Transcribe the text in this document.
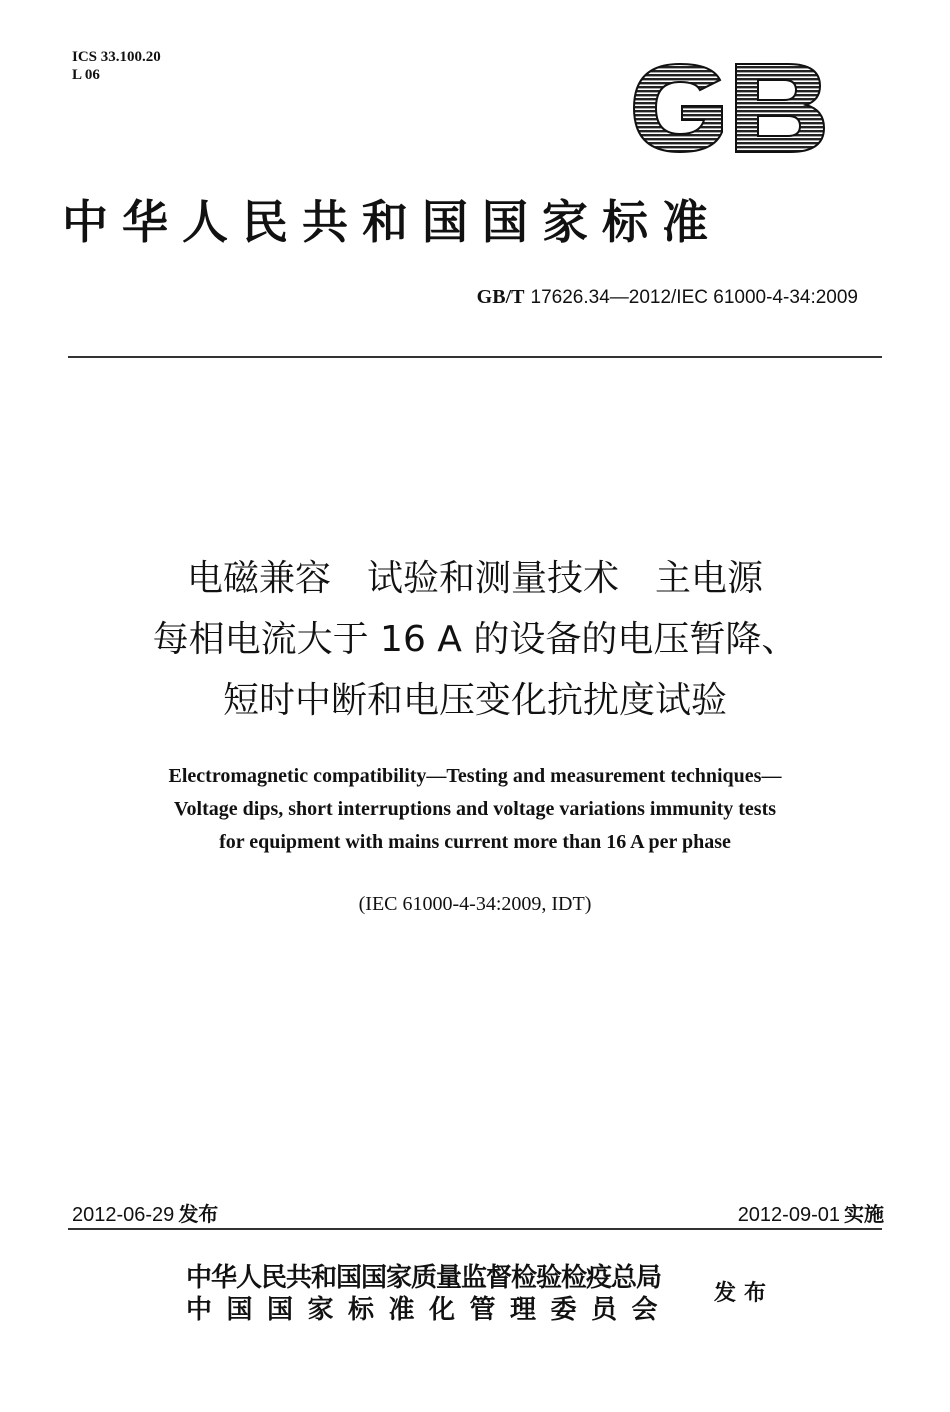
ICS 33.100.20
L 06
GB
中华人民共和国国家标准
GB/T 17626.34—2012/IEC 61000-4-34:2009
电磁兼容　试验和测量技术　主电源
每相电流大于 16 A 的设备的电压暂降、
短时中断和电压变化抗扰度试验
Electromagnetic compatibility—Testing and measurement techniques—
Voltage dips, short interruptions and voltage variations immunity tests
for equipment with mains current more than 16 A per phase
(IEC 61000-4-34:2009, IDT)
2012-06-29 发布	2012-09-01 实施
中华人民共和国国家质量监督检验检疫总局
中国国家标准化管理委员会
发布
